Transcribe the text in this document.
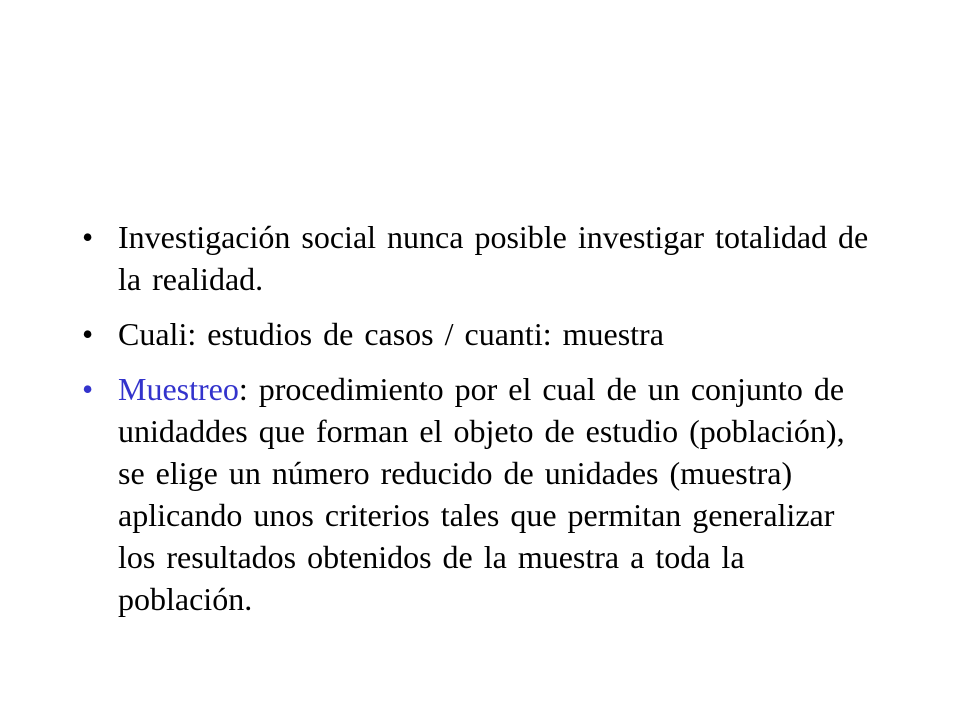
• Investigación social nunca posible investigar totalidad de la realidad.
• Cuali: estudios de casos / cuanti: muestra
• Muestreo: procedimiento por el cual de un conjunto de unidaddes que forman el objeto de estudio (población), se elige un número reducido de unidades (muestra) aplicando unos criterios tales que permitan generalizar los resultados obtenidos de la muestra a toda la población.
